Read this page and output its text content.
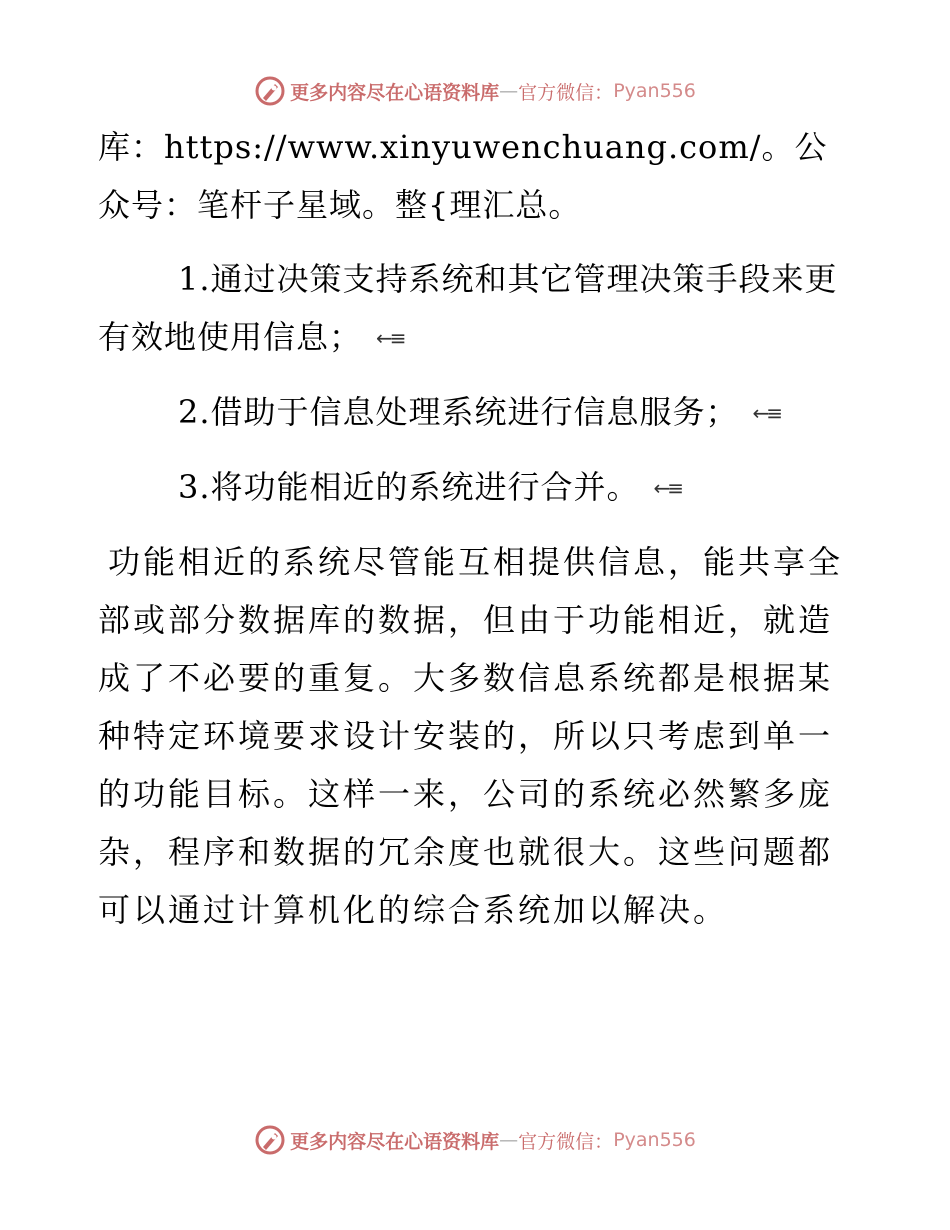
更多内容尽在心语资料库 — 官方微信： Pyan556

库：https://www.xinyuwenchuang.com/。公众号：笔杆子星域。整{理汇总。

1.通过决策支持系统和其它管理决策手段来更有效地使用信息； ←≡

2.借助于信息处理系统进行信息服务； ←≡

3.将功能相近的系统进行合并。 ←≡

功能相近的系统尽管能互相提供信息，能共享全部或部分数据库的数据，但由于功能相近，就造成了不必要的重复。大多数信息系统都是根据某种特定环境要求设计安装的，所以只考虑到单一的功能目标。这样一来，公司的系统必然繁多庞杂，程序和数据的冗余度也就很大。这些问题都可以通过计算机化的综合系统加以解决。

更多内容尽在心语资料库 — 官方微信： Pyan556
